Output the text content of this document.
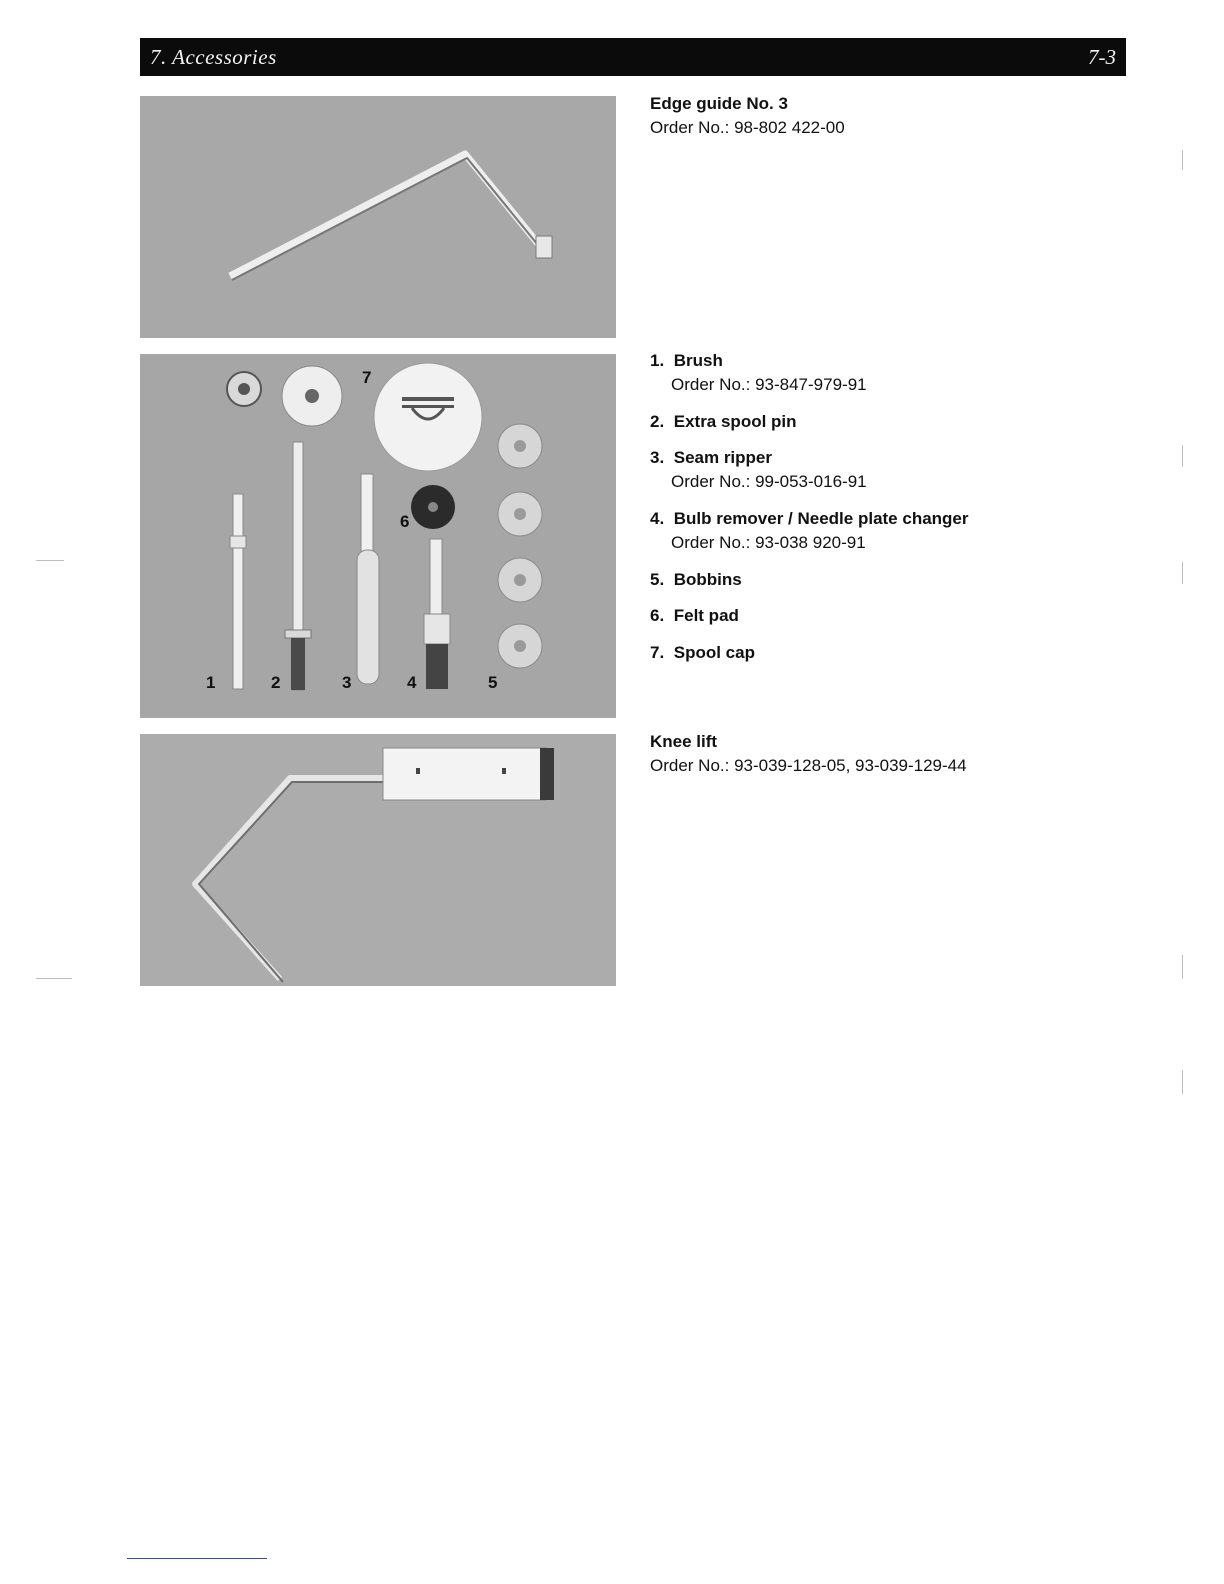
7. Accessories	7-3
1	2	3	4	5
6
7
Edge guide No. 3
Order No.: 98-802 422-00
1. Brush
Order No.: 93-847-979-91
2. Extra spool pin
3. Seam ripper
Order No.: 99-053-016-91
4. Bulb remover / Needle plate changer
Order No.: 93-038 920-91
5. Bobbins
6. Felt pad
7. Spool cap
Knee lift
Order No.: 93-039-128-05, 93-039-129-44
